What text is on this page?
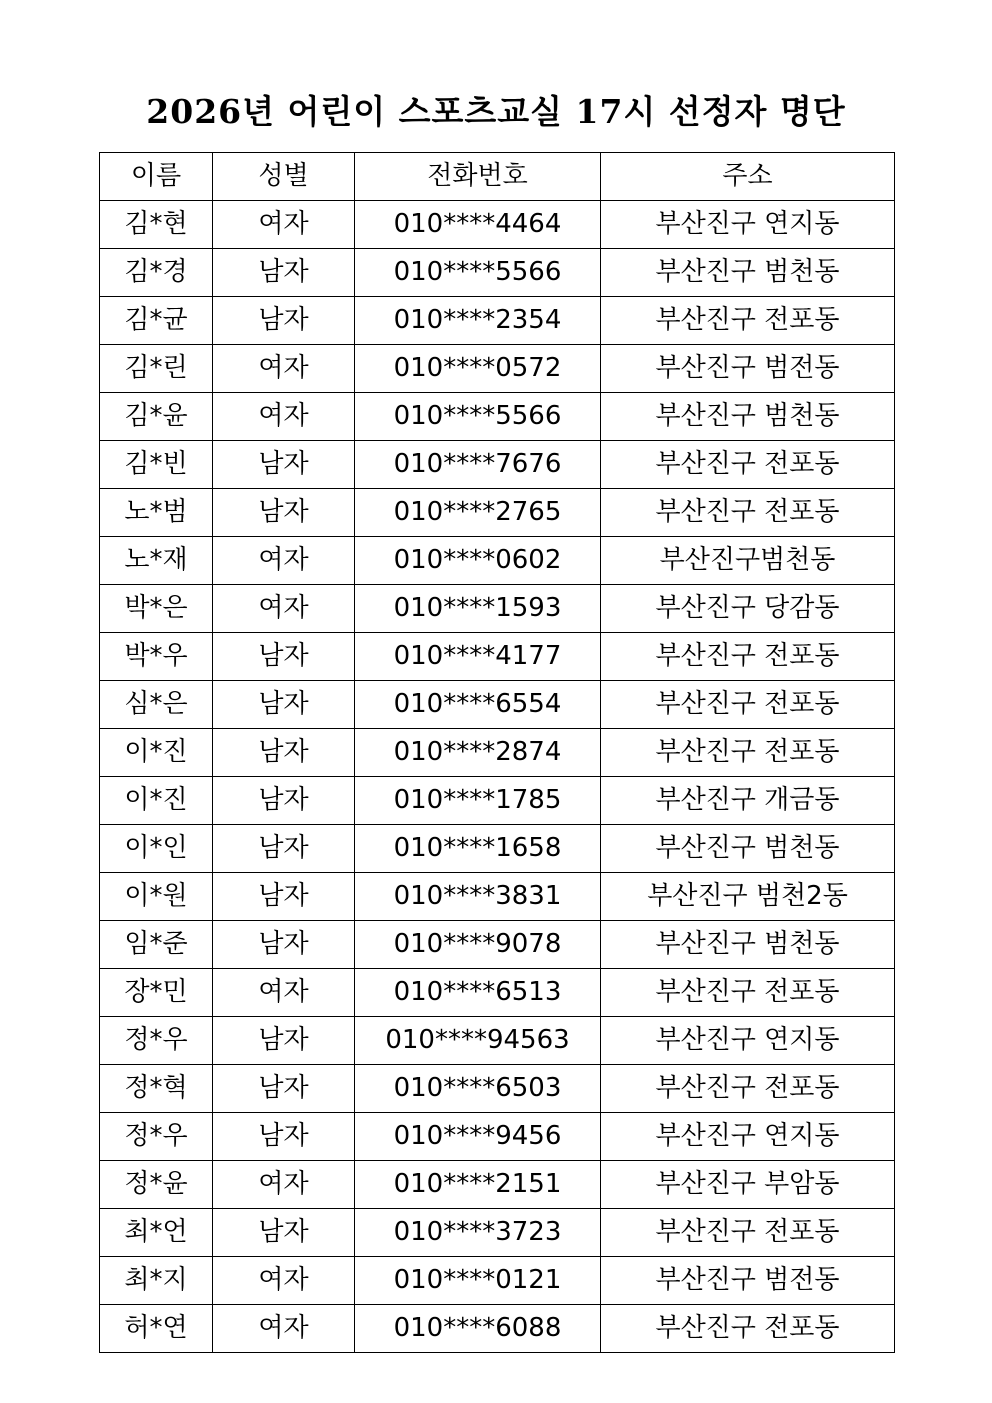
2026년 어린이 스포츠교실 17시 선정자 명단
이름	성별	전화번호	주소
김*현	여자	010****4464	부산진구 연지동
김*경	남자	010****5566	부산진구 범천동
김*균	남자	010****2354	부산진구 전포동
김*린	여자	010****0572	부산진구 범전동
김*윤	여자	010****5566	부산진구 범천동
김*빈	남자	010****7676	부산진구 전포동
노*범	남자	010****2765	부산진구 전포동
노*재	여자	010****0602	부산진구범천동
박*은	여자	010****1593	부산진구 당감동
박*우	남자	010****4177	부산진구 전포동
심*은	남자	010****6554	부산진구 전포동
이*진	남자	010****2874	부산진구 전포동
이*진	남자	010****1785	부산진구 개금동
이*인	남자	010****1658	부산진구 범천동
이*원	남자	010****3831	부산진구 범천2동
임*준	남자	010****9078	부산진구 범천동
장*민	여자	010****6513	부산진구 전포동
정*우	남자	010****94563	부산진구 연지동
정*혁	남자	010****6503	부산진구 전포동
정*우	남자	010****9456	부산진구 연지동
정*윤	여자	010****2151	부산진구 부암동
최*언	남자	010****3723	부산진구 전포동
최*지	여자	010****0121	부산진구 범전동
허*연	여자	010****6088	부산진구 전포동
